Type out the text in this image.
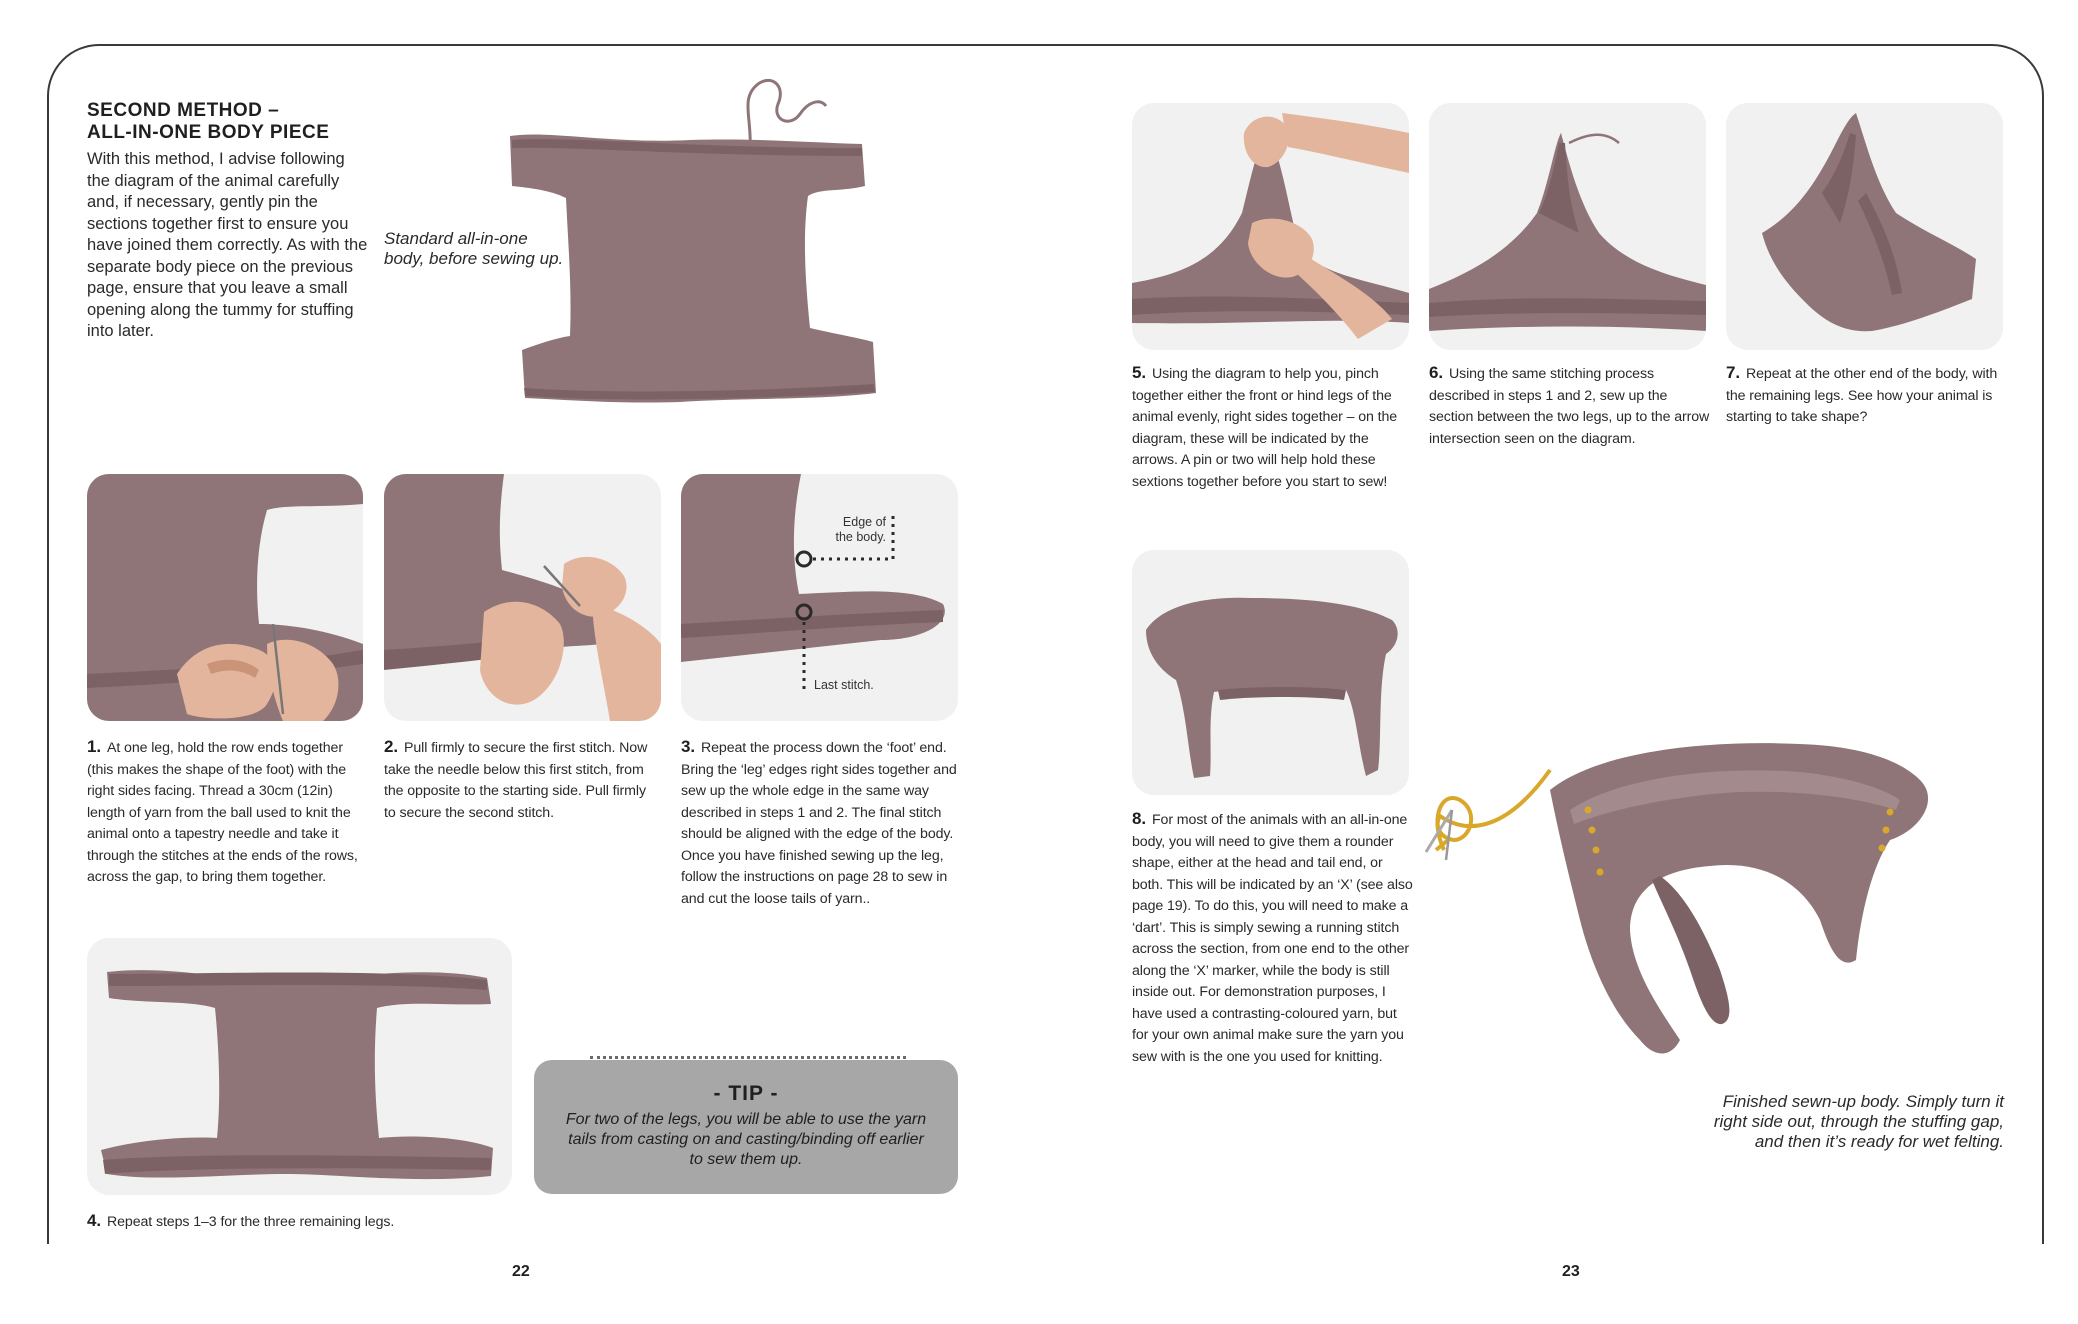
SECOND METHOD –
ALL-IN-ONE BODY PIECE
With this method, I advise following the diagram of the animal carefully and, if necessary, gently pin the sections together first to ensure you have joined them correctly. As with the separate body piece on the previous page, ensure that you leave a small opening along the tummy for stuffing into later.
Standard all-in-one
body, before sewing up.
Edge of
the body.
Last stitch.
1. At one leg, hold the row ends together (this makes the shape of the foot) with the right sides facing. Thread a 30cm (12in) length of yarn from the ball used to knit the animal onto a tapestry needle and take it through the stitches at the ends of the rows, across the gap, to bring them together.
2. Pull firmly to secure the first stitch. Now take the needle below this first stitch, from the opposite to the starting side. Pull firmly to secure the second stitch.
3. Repeat the process down the ‘foot’ end. Bring the ‘leg’ edges right sides together and sew up the whole edge in the same way described in steps 1 and 2. The final stitch should be aligned with the edge of the body. Once you have finished sewing up the leg, follow the instructions on page 28 to sew in and cut the loose tails of yarn..
- TIP -
For two of the legs, you will be able to use the yarn tails from casting on and casting/binding off earlier to sew them up.
4. Repeat steps 1–3 for the three remaining legs.
22
5. Using the diagram to help you, pinch together either the front or hind legs of the animal evenly, right sides together – on the diagram, these will be indicated by the arrows. A pin or two will help hold these sextions together before you start to sew!
6. Using the same stitching process described in steps 1 and 2, sew up the section between the two legs, up to the arrow intersection seen on the diagram.
7. Repeat at the other end of the body, with the remaining legs. See how your animal is starting to take shape?
8. For most of the animals with an all-in-one body, you will need to give them a rounder shape, either at the head and tail end, or both. This will be indicated by an ‘X’ (see also page 19). To do this, you will need to make a ‘dart’. This is simply sewing a running stitch across the section, from one end to the other along the ‘X’ marker, while the body is still inside out. For demonstration purposes, I have used a contrasting-coloured yarn, but for your own animal make sure the yarn you sew with is the one you used for knitting.
Finished sewn-up body. Simply turn it
right side out, through the stuffing gap,
and then it’s ready for wet felting.
23
